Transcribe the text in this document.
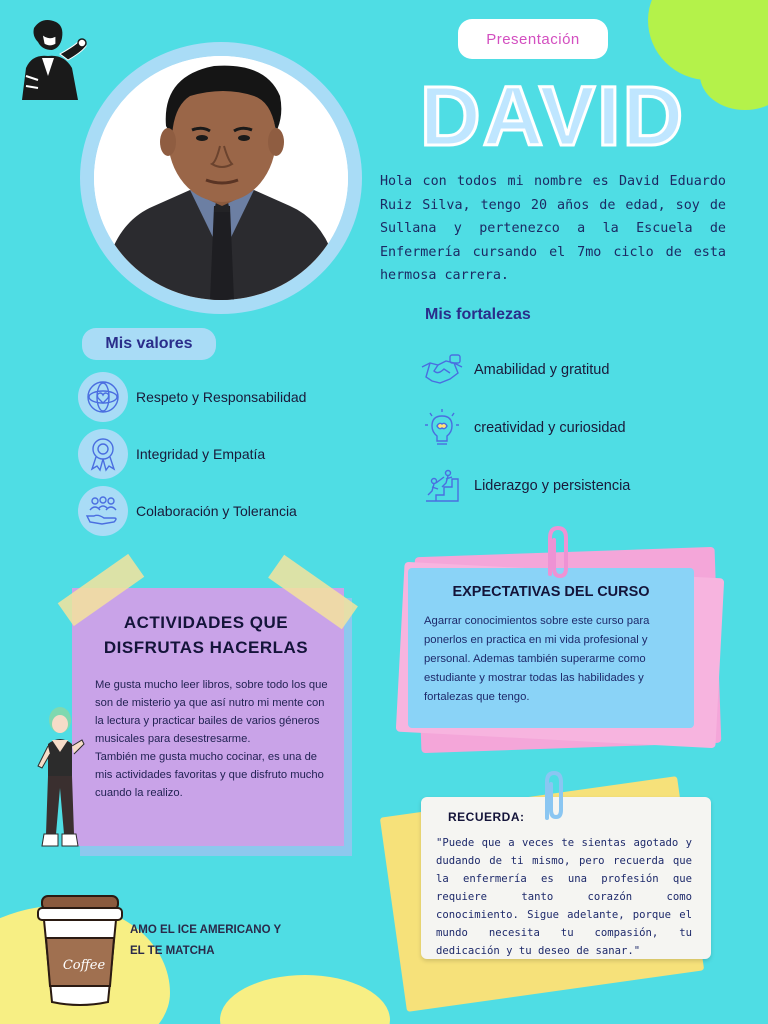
Presentación
DAVID
Hola con todos mi nombre es David Eduardo Ruiz Silva, tengo 20 años de edad, soy de Sullana y pertenezco a la Escuela de Enfermería cursando el 7mo ciclo de esta hermosa carrera.
Mis valores
Respeto y Responsabilidad
Integridad y Empatía
Colaboración y Tolerancia
Mis fortalezas
Amabilidad y gratitud
creatividad y curiosidad
Liderazgo y persistencia
ACTIVIDADES QUE DISFRUTAS HACERLAS
Me gusta mucho leer libros, sobre todo los que son de misterio ya que así nutro mi mente con la lectura y practicar bailes de varios géneros musicales para desestresarme.
También me gusta mucho cocinar, es una de mis actividades favoritas y que disfruto mucho cuando la realizo.
EXPECTATIVAS DEL CURSO
Agarrar conocimientos sobre este curso para ponerlos en practica en mi vida profesional y personal. Ademas también superarme como estudiante y mostrar todas las habilidades y fortalezas que tengo.
RECUERDA:
"Puede que a veces te sientas agotado y dudando de ti mismo, pero recuerda que la enfermería es una profesión que requiere tanto corazón como conocimiento. Sigue adelante, porque el mundo necesita tu compasión, tu dedicación y tu deseo de sanar."
Coffee
AMO EL ICE AMERICANO Y EL TE MATCHA
